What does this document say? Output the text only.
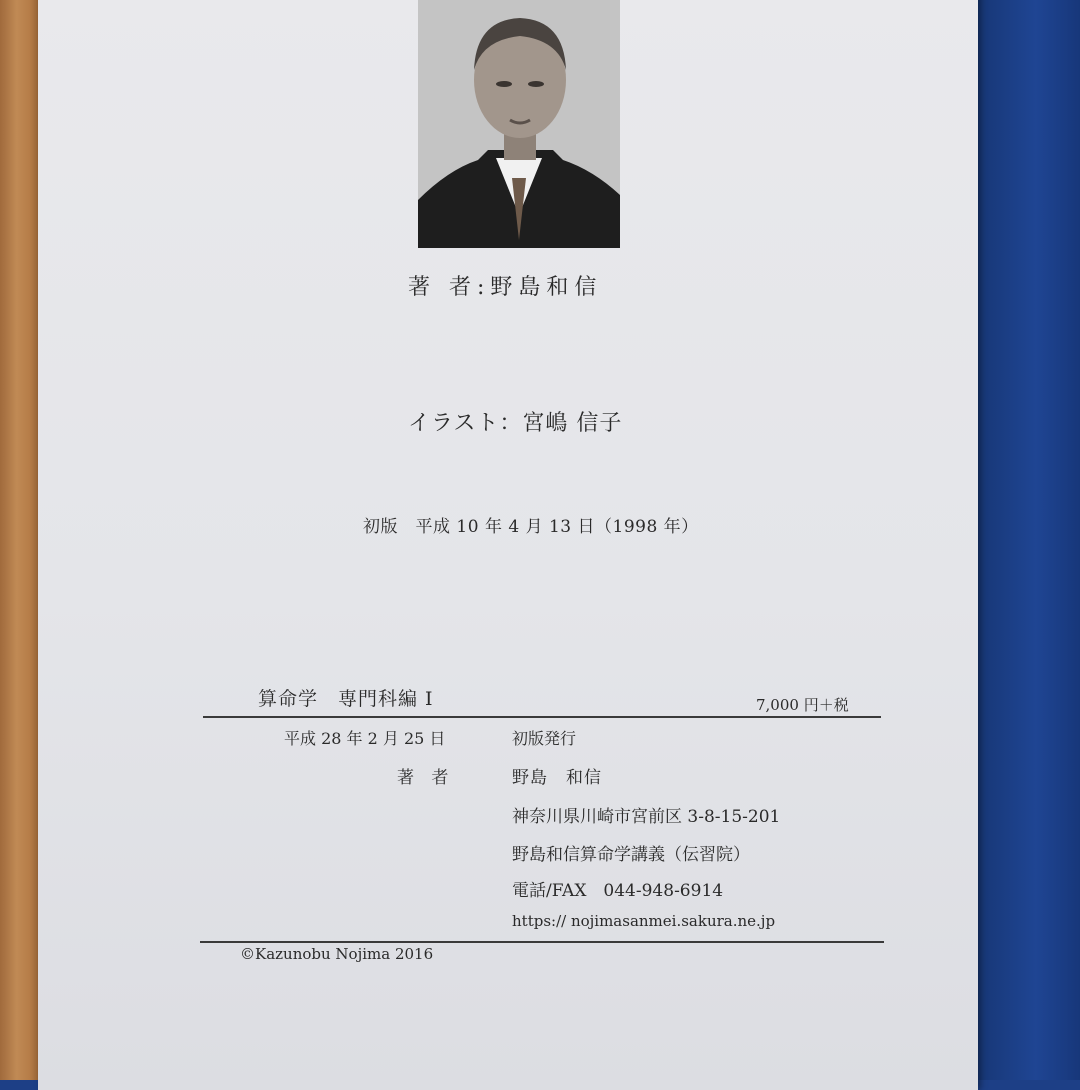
著 者:野島和信
イラスト：宮嶋 信子
初版　平成 10 年 4 月 13 日（1998 年）
算命学　専門科編 I	7,000 円＋税
平成 28 年 2 月 25 日	初版発行
著 者	野島　和信
神奈川県川崎市宮前区 3-8-15-201
野島和信算命学講義（伝習院）
電話/FAX　044-948-6914
https:// nojimasanmei.sakura.ne.jp
©Kazunobu Nojima 2016
